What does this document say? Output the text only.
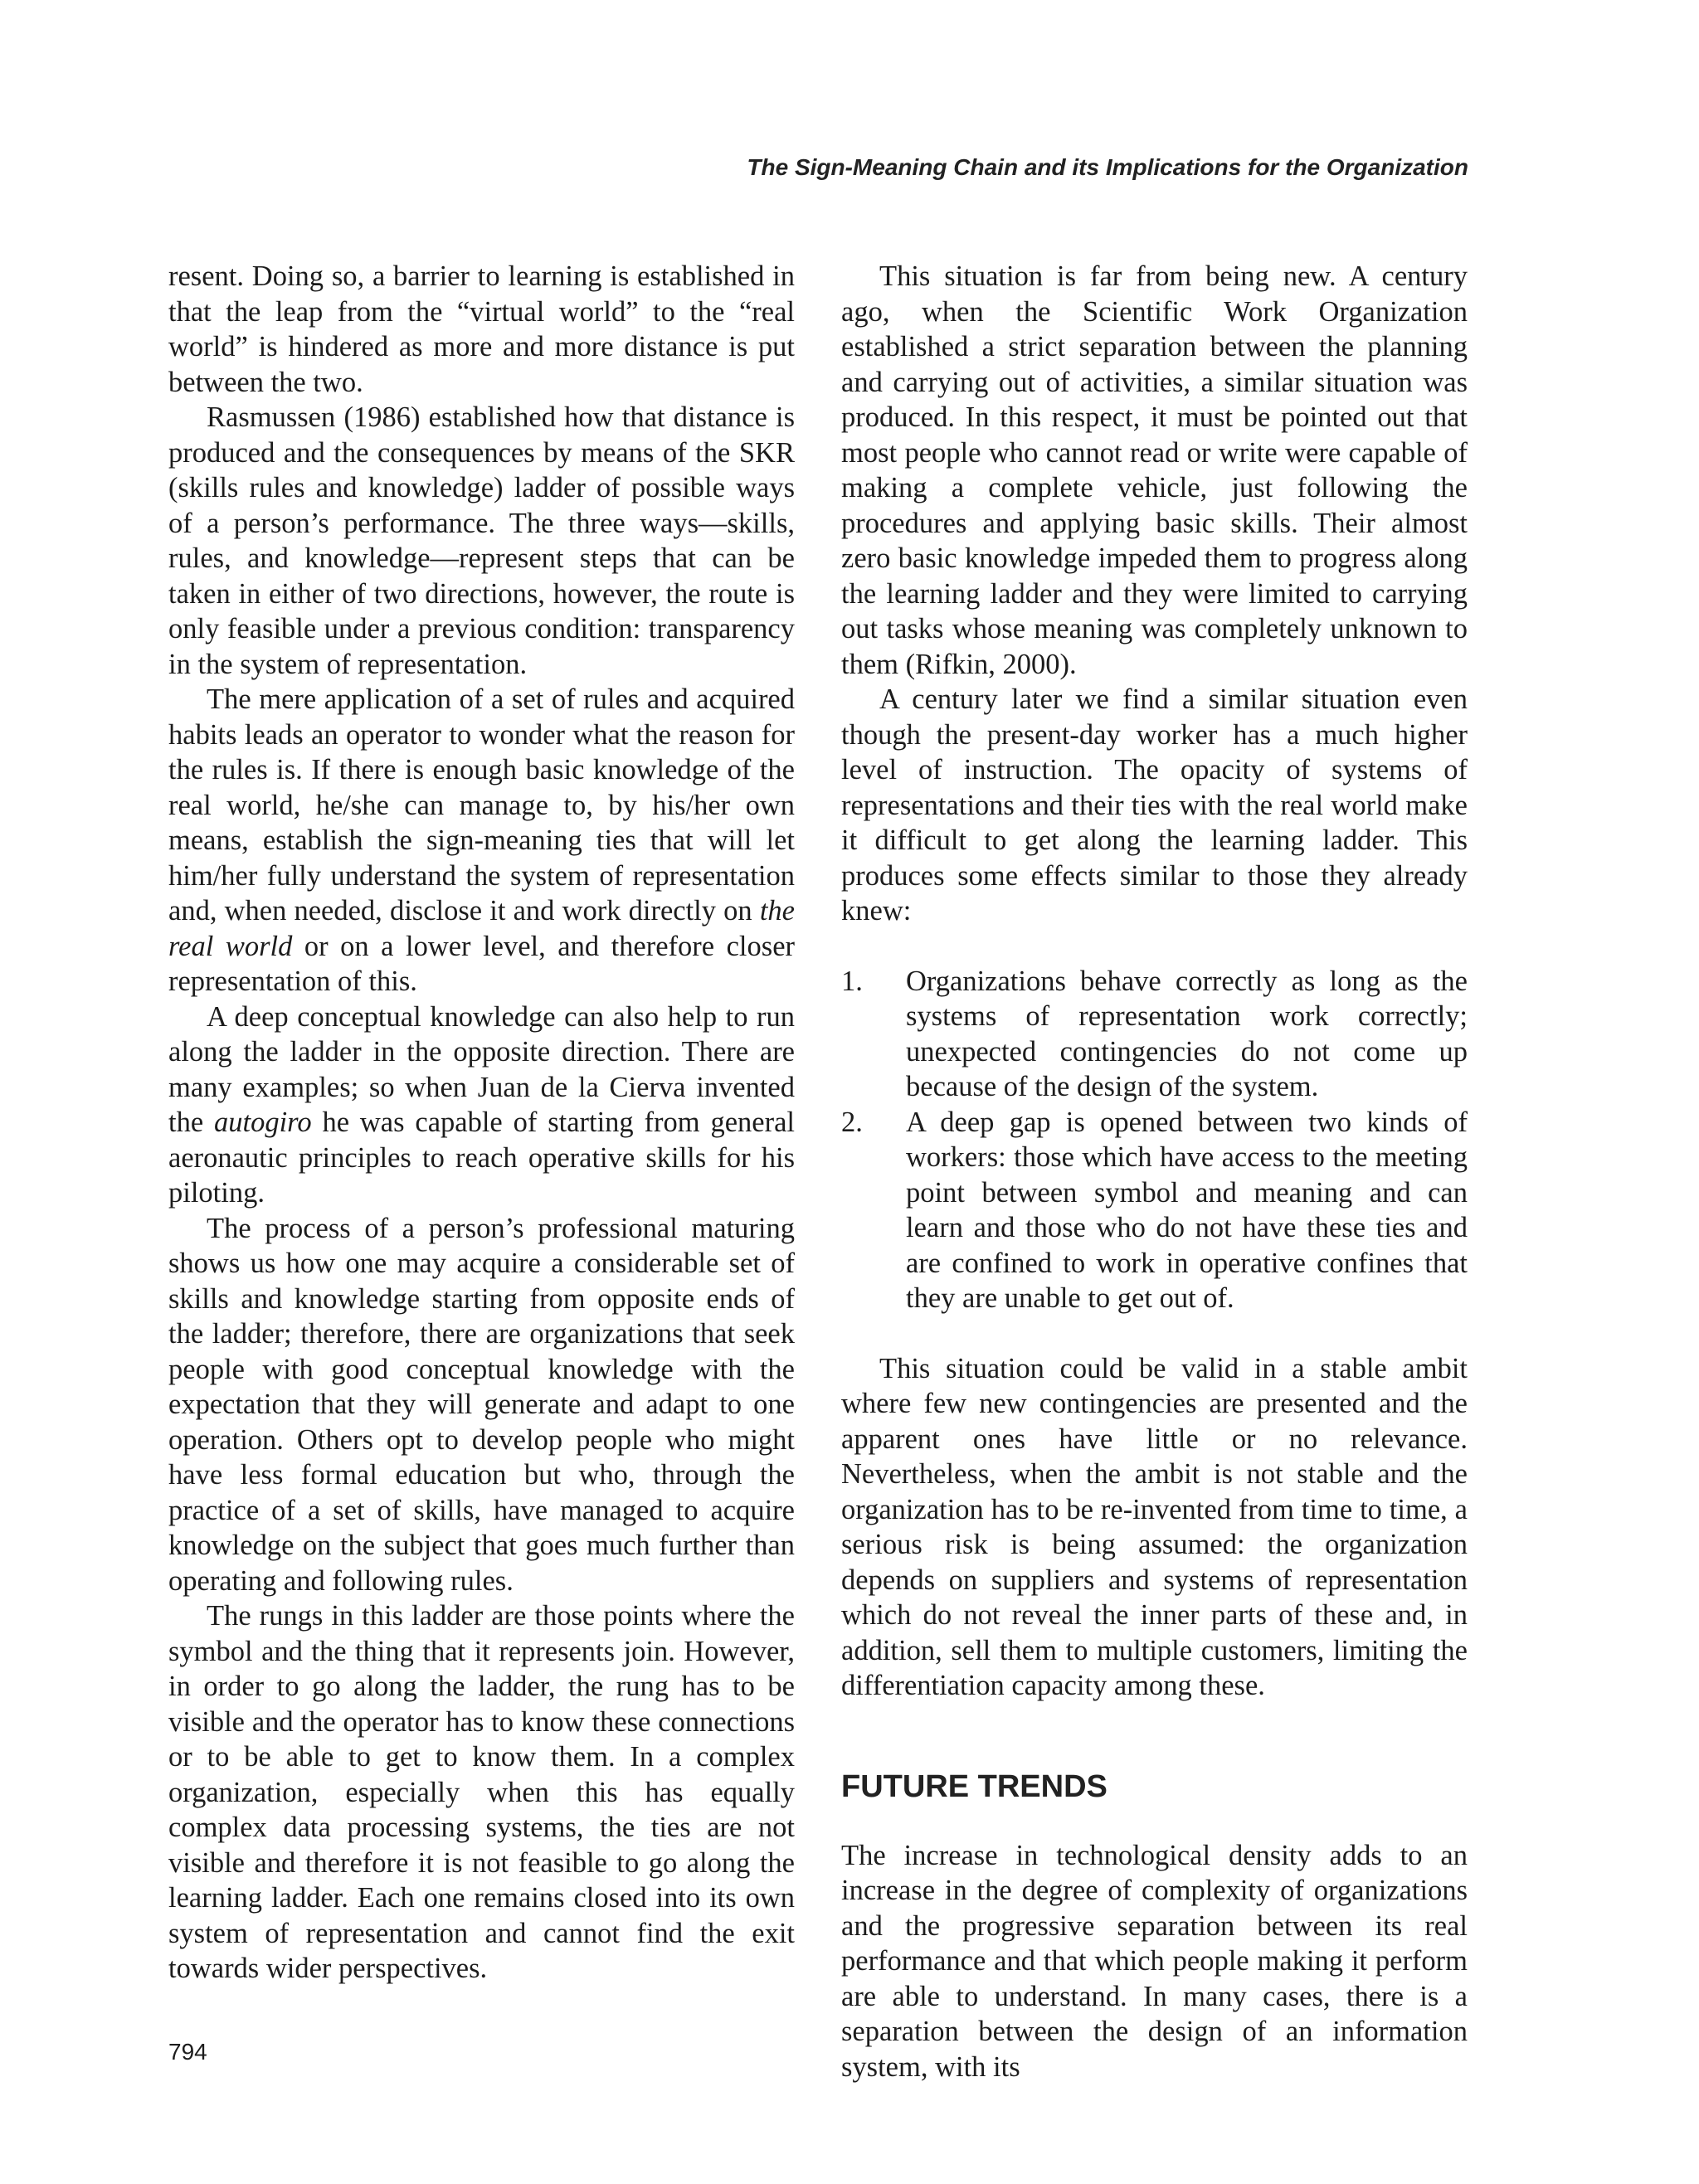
The Sign-Meaning Chain and its Implications for the Organization

resent. Doing so, a barrier to learning is established in that the leap from the “virtual world” to the “real world” is hindered as more and more distance is put between the two.

Rasmussen (1986) established how that distance is produced and the consequences by means of the SKR (skills rules and knowledge) ladder of possible ways of a person’s performance. The three ways—skills, rules, and knowledge—represent steps that can be taken in either of two directions, however, the route is only feasible under a previous condition: transparency in the system of representation.

The mere application of a set of rules and acquired habits leads an operator to wonder what the reason for the rules is. If there is enough basic knowledge of the real world, he/she can manage to, by his/her own means, establish the sign-meaning ties that will let him/her fully understand the system of representation and, when needed, disclose it and work directly on the real world or on a lower level, and therefore closer representation of this.

A deep conceptual knowledge can also help to run along the ladder in the opposite direction. There are many examples; so when Juan de la Cierva invented the autogiro he was capable of starting from general aeronautic principles to reach operative skills for his piloting.

The process of a person’s professional maturing shows us how one may acquire a considerable set of skills and knowledge starting from opposite ends of the ladder; therefore, there are organizations that seek people with good conceptual knowledge with the expectation that they will generate and adapt to one operation. Others opt to develop people who might have less formal education but who, through the practice of a set of skills, have managed to acquire knowledge on the subject that goes much further than operating and following rules.

The rungs in this ladder are those points where the symbol and the thing that it represents join. However, in order to go along the ladder, the rung has to be visible and the operator has to know these connections or to be able to get to know them. In a complex organization, especially when this has equally complex data processing systems, the ties are not visible and therefore it is not feasible to go along the learning ladder. Each one remains closed into its own system of representation and cannot find the exit towards wider perspectives.

This situation is far from being new. A century ago, when the Scientific Work Organization established a strict separation between the planning and carrying out of activities, a similar situation was produced. In this respect, it must be pointed out that most people who cannot read or write were capable of making a complete vehicle, just following the procedures and applying basic skills. Their almost zero basic knowledge impeded them to progress along the learning ladder and they were limited to carrying out tasks whose meaning was completely unknown to them (Rifkin, 2000).

A century later we find a similar situation even though the present-day worker has a much higher level of instruction. The opacity of systems of representations and their ties with the real world make it difficult to get along the learning ladder. This produces some effects similar to those they already knew:

1. Organizations behave correctly as long as the systems of representation work correctly; unexpected contingencies do not come up because of the design of the system.
2. A deep gap is opened between two kinds of workers: those which have access to the meeting point between symbol and meaning and can learn and those who do not have these ties and are confined to work in operative confines that they are unable to get out of.

This situation could be valid in a stable ambit where few new contingencies are presented and the apparent ones have little or no relevance. Nevertheless, when the ambit is not stable and the organization has to be re-invented from time to time, a serious risk is being assumed: the organization depends on suppliers and systems of representation which do not reveal the inner parts of these and, in addition, sell them to multiple customers, limiting the differentiation capacity among these.

FUTURE TRENDS

The increase in technological density adds to an increase in the degree of complexity of organizations and the progressive separation between its real performance and that which people making it perform are able to understand. In many cases, there is a separation between the design of an information system, with its

794
